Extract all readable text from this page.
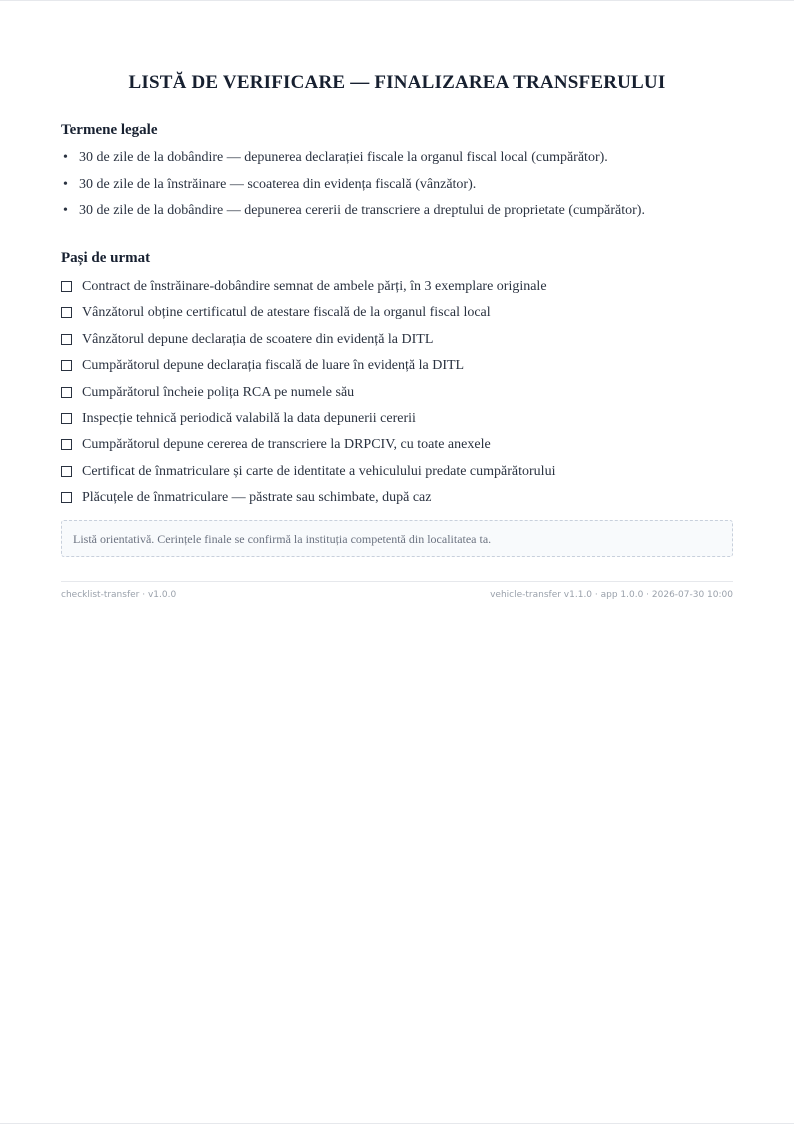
LISTĂ DE VERIFICARE — FINALIZAREA TRANSFERULUI
Termene legale
• 30 de zile de la dobândire — depunerea declarației fiscale la organul fiscal local (cumpărător).
• 30 de zile de la înstrăinare — scoaterea din evidența fiscală (vânzător).
• 30 de zile de la dobândire — depunerea cererii de transcriere a dreptului de proprietate (cumpărător).
Pași de urmat
Contract de înstrăinare-dobândire semnat de ambele părți, în 3 exemplare originale
Vânzătorul obține certificatul de atestare fiscală de la organul fiscal local
Vânzătorul depune declarația de scoatere din evidență la DITL
Cumpărătorul depune declarația fiscală de luare în evidență la DITL
Cumpărătorul încheie polița RCA pe numele său
Inspecție tehnică periodică valabilă la data depunerii cererii
Cumpărătorul depune cererea de transcriere la DRPCIV, cu toate anexele
Certificat de înmatriculare și carte de identitate a vehiculului predate cumpărătorului
Plăcuțele de înmatriculare — păstrate sau schimbate, după caz
Listă orientativă. Cerințele finale se confirmă la instituția competentă din localitatea ta.
checklist-transfer · v1.0.0	vehicle-transfer v1.1.0 · app 1.0.0 · 2026-07-30 10:00
